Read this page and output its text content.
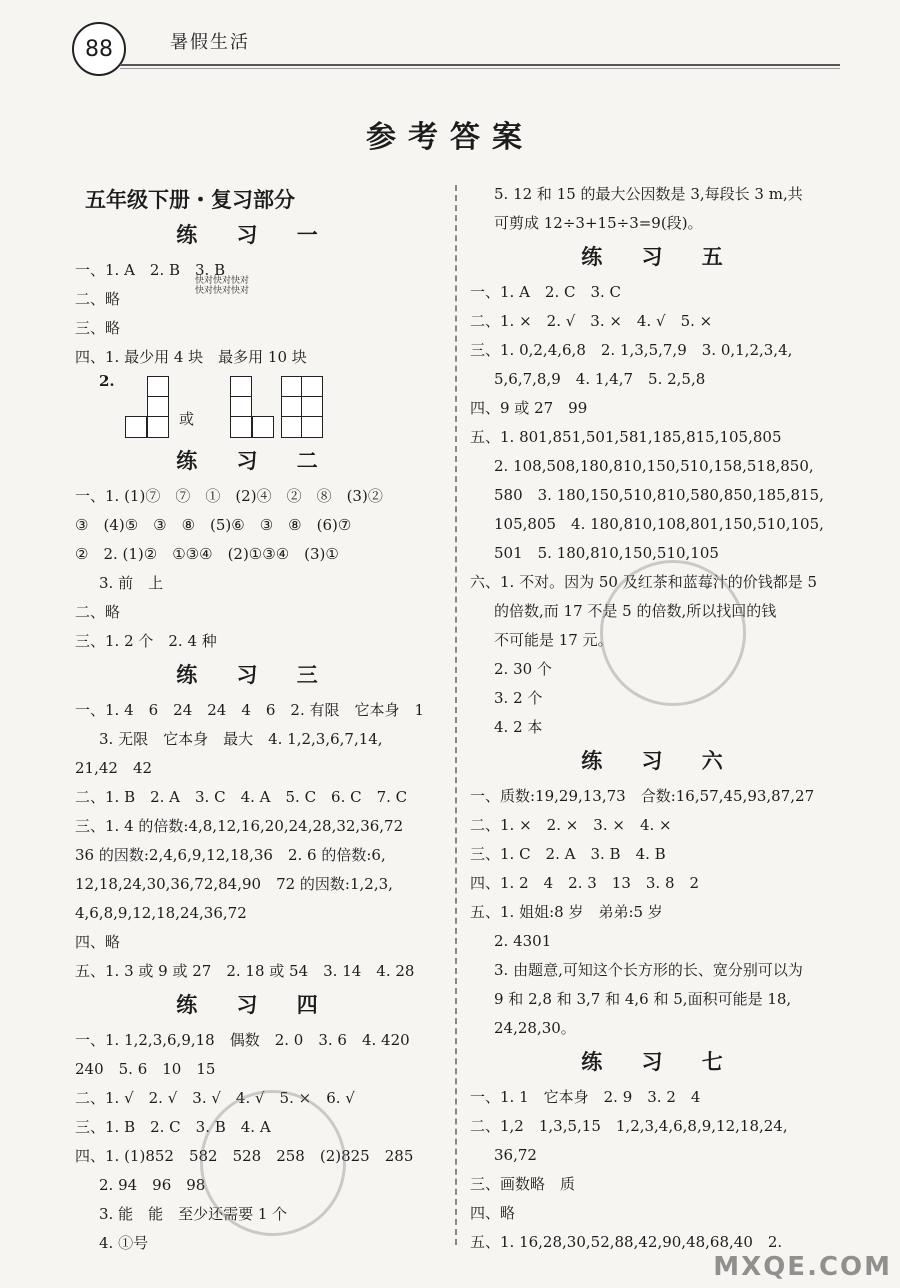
88	暑假生活
参考答案
五年级下册・复习部分
快对快对快对
快对快对快对
练 习 一
一、1. A　2. B　3. B
二、略
三、略
四、1. 最少用 4 块　最多用 10 块
2.
或
练 习 二
一、1. (1)⑦　⑦　①　(2)④　②　⑧　(3)②
③　(4)⑤　③　⑧　(5)⑥　③　⑧　(6)⑦
②　2. (1)②　①③④　(2)①③④　(3)①
3. 前　上
二、略
三、1. 2 个　2. 4 种
练 习 三
一、1. 4　6　24　24　4　6　2. 有限　它本身　1
3. 无限　它本身　最大　4. 1,2,3,6,7,14,
21,42　42
二、1. B　2. A　3. C　4. A　5. C　6. C　7. C
三、1. 4 的倍数:4,8,12,16,20,24,28,32,36,72
36 的因数:2,4,6,9,12,18,36　2. 6 的倍数:6,
12,18,24,30,36,72,84,90　72 的因数:1,2,3,
4,6,8,9,12,18,24,36,72
四、略
五、1. 3 或 9 或 27　2. 18 或 54　3. 14　4. 28
练 习 四
一、1. 1,2,3,6,9,18　偶数　2. 0　3. 6　4. 420
240　5. 6　10　15
二、1. √　2. √　3. √　4. √　5. ×　6. √
三、1. B　2. C　3. B　4. A
四、1. (1)852　582　528　258　(2)825　285
2. 94　96　98
3. 能　能　至少还需要 1 个
4. ①号
5. 12 和 15 的最大公因数是 3,每段长 3 m,共
可剪成 12÷3+15÷3=9(段)。
练 习 五
一、1. A　2. C　3. C
二、1. ×　2. √　3. ×　4. √　5. ×
三、1. 0,2,4,6,8　2. 1,3,5,7,9　3. 0,1,2,3,4,
5,6,7,8,9　4. 1,4,7　5. 2,5,8
四、9 或 27　99
五、1. 801,851,501,581,185,815,105,805
2. 108,508,180,810,150,510,158,518,850,
580　3. 180,150,510,810,580,850,185,815,
105,805　4. 180,810,108,801,150,510,105,
501　5. 180,810,150,510,105
六、1. 不对。因为 50 及红茶和蓝莓汁的价钱都是 5
的倍数,而 17 不是 5 的倍数,所以找回的钱
不可能是 17 元。
2. 30 个
3. 2 个
4. 2 本
练 习 六
一、质数:19,29,13,73　合数:16,57,45,93,87,27
二、1. ×　2. ×　3. ×　4. ×
三、1. C　2. A　3. B　4. B
四、1. 2　4　2. 3　13　3. 8　2
五、1. 姐姐:8 岁　弟弟:5 岁
2. 4301
3. 由题意,可知这个长方形的长、宽分别可以为
9 和 2,8 和 3,7 和 4,6 和 5,面积可能是 18,
24,28,30。
练 习 七
一、1. 1　它本身　2. 9　3. 2　4
二、1,2　1,3,5,15　1,2,3,4,6,8,9,12,18,24,
36,72
三、画数略　质
四、略
五、1. 16,28,30,52,88,42,90,48,68,40　2.
MXQE.COM
